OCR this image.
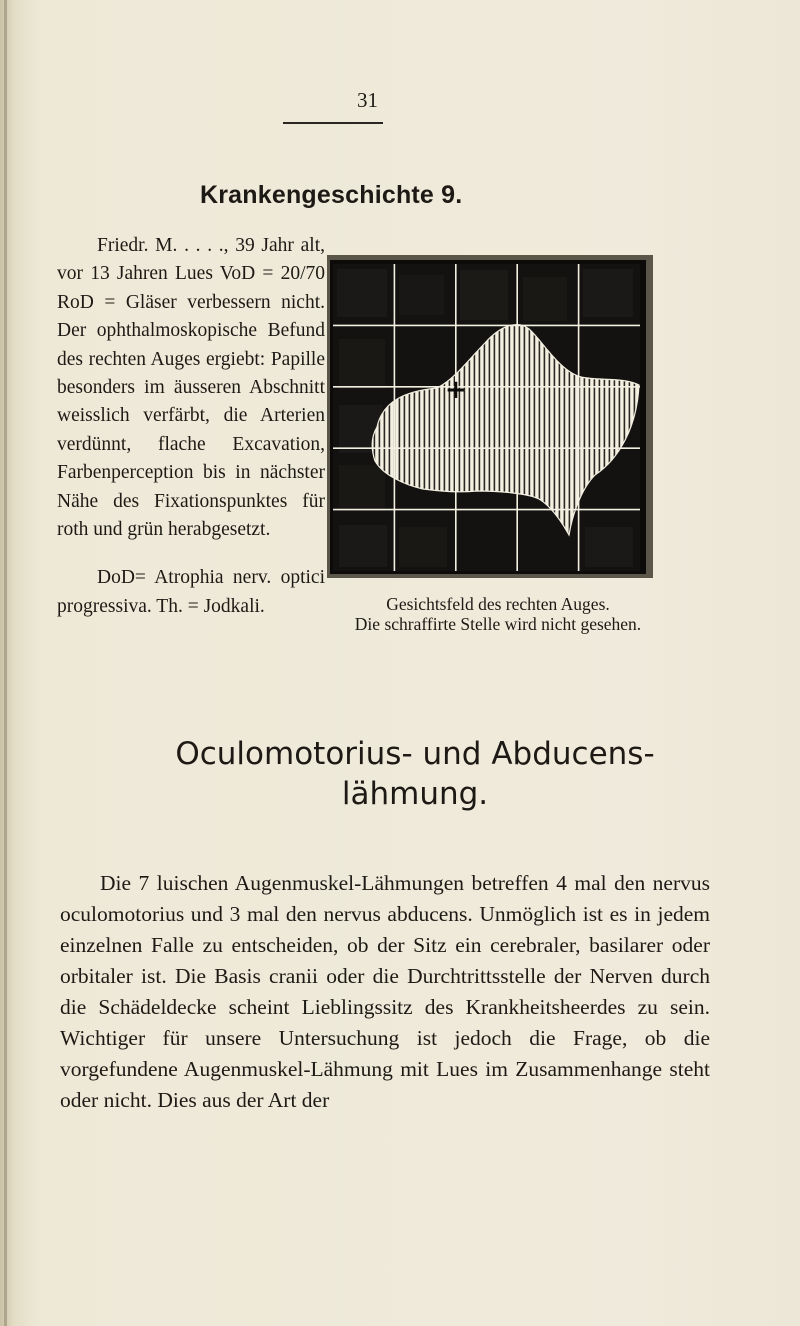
31
Krankengeschichte 9.

Friedr. M. . . . ., 39 Jahr alt, vor 13 Jahren Lues VoD = 20/70 RoD = Gläser verbessern nicht. Der ophthalmoskopische Befund des rechten Auges ergiebt: Papille besonders im äusseren Abschnitt weisslich verfärbt, die Arterien verdünnt, flache Excavation, Farbenperception bis in nächster Nähe des Fixationspunktes für roth und grün herabgesetzt.

DoD= Atrophia nerv. optici progressiva. Th. = Jodkali.

+
Gesichtsfeld des rechten Auges.
Die schraffirte Stelle wird nicht gesehen.
Oculomotorius- und Abducens-
lähmung.

Die 7 luischen Augenmuskel-Lähmungen betreffen 4 mal den nervus oculomotorius und 3 mal den nervus abducens. Unmöglich ist es in jedem einzelnen Falle zu entscheiden, ob der Sitz ein cerebraler, basilarer oder orbitaler ist. Die Basis cranii oder die Durchtrittsstelle der Nerven durch die Schädeldecke scheint Lieblingssitz des Krankheitsheerdes zu sein. Wichtiger für unsere Untersuchung ist jedoch die Frage, ob die vorgefundene Augenmuskel-Lähmung mit Lues im Zusammenhange steht oder nicht. Dies aus der Art der
